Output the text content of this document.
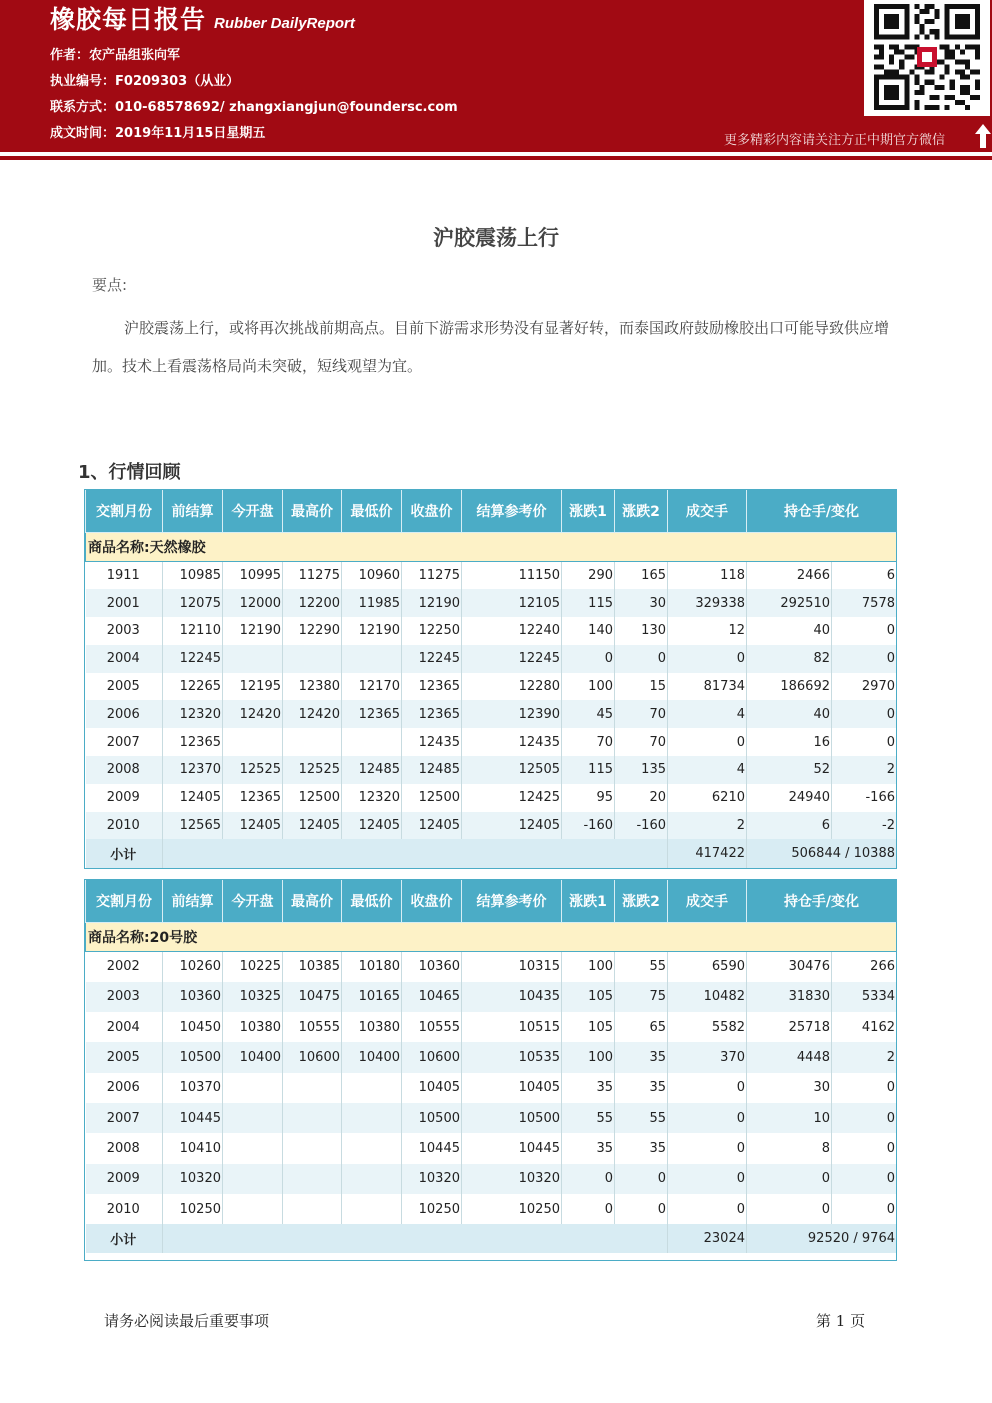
橡胶每日报告 Rubber DailyReport
作者：农产品组张向军
执业编号：F0209303（从业）
联系方式：010-68578692/ zhangxiangjun@foundersc.com
成文时间：2019年11月15日星期五	更多精彩内容请关注方正中期官方微信
沪胶震荡上行
要点:
沪胶震荡上行，或将再次挑战前期高点。目前下游需求形势没有显著好转，而泰国政府鼓励橡胶出口可能导致供应增加。技术上看震荡格局尚未突破，短线观望为宜。
1、行情回顾
交割月份	前结算	今开盘	最高价	最低价	收盘价	结算参考价	涨跌1	涨跌2	成交手	持仓手/变化	
商品名称:天然橡胶											
1911	10985	10995	11275	10960	11275	11150	290	165	118	2466	6
2001	12075	12000	12200	11985	12190	12105	115	30	329338	292510	7578
2003	12110	12190	12290	12190	12250	12240	140	130	12	40	0
2004	12245				12245	12245	0	0	0	82	0
2005	12265	12195	12380	12170	12365	12280	100	15	81734	186692	2970
2006	12320	12420	12420	12365	12365	12390	45	70	4	40	0
2007	12365				12435	12435	70	70	0	16	0
2008	12370	12525	12525	12485	12485	12505	115	135	4	52	2
2009	12405	12365	12500	12320	12500	12425	95	20	6210	24940	-166
2010	12565	12405	12405	12405	12405	12405	-160	-160	2	6	-2
小计									417422	506844 / 10388	
交割月份	前结算	今开盘	最高价	最低价	收盘价	结算参考价	涨跌1	涨跌2	成交手	持仓手/变化	
商品名称:20号胶											
2002	10260	10225	10385	10180	10360	10315	100	55	6590	30476	266
2003	10360	10325	10475	10165	10465	10435	105	75	10482	31830	5334
2004	10450	10380	10555	10380	10555	10515	105	65	5582	25718	4162
2005	10500	10400	10600	10400	10600	10535	100	35	370	4448	2
2006	10370				10405	10405	35	35	0	30	0
2007	10445				10500	10500	55	55	0	10	0
2008	10410				10445	10445	35	35	0	8	0
2009	10320				10320	10320	0	0	0	0	0
2010	10250				10250	10250	0	0	0	0	0
小计									23024	92520 / 9764	
请务必阅读最后重要事项	第 1 页
